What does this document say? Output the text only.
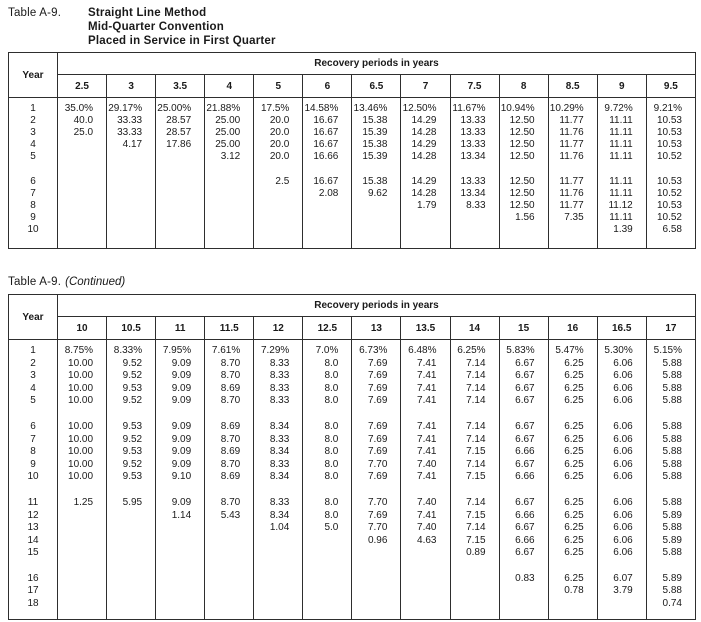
Table A-9.	Straight Line Method
Mid-Quarter Convention
Placed in Service in First Quarter
Year	Recovery periods in years												
	2.5	3	3.5	4	5	6	6.5	7	7.5	8	8.5	9	9.5

1	35.0%	29.17%	25.00%	21.88%	17.5%	14.58%	13.46%	12.50%	11.67%	10.94%	10.29%	9.72%	9.21%
2	40.0	33.33	28.57	25.00	20.0	16.67	15.38	14.29	13.33	12.50	11.77	11.11	10.53
3	25.0	33.33	28.57	25.00	20.0	16.67	15.39	14.28	13.33	12.50	11.76	11.11	10.53
4		4.17	17.86	25.00	20.0	16.67	15.38	14.29	13.33	12.50	11.77	11.11	10.53
5				3.12	20.0	16.66	15.39	14.28	13.34	12.50	11.76	11.11	10.52

6					2.5	16.67	15.38	14.29	13.33	12.50	11.77	11.11	10.53
7						2.08	9.62	14.28	13.34	12.50	11.76	11.11	10.52
8								1.79	8.33	12.50	11.77	11.12	10.53
9										1.56	7.35	11.11	10.52
10												1.39	6.58

Table A-9. (Continued)
Year	Recovery periods in years												
	10	10.5	11	11.5	12	12.5	13	13.5	14	15	16	16.5	17

1	8.75%	8.33%	7.95%	7.61%	7.29%	7.0%	6.73%	6.48%	6.25%	5.83%	5.47%	5.30%	5.15%
2	10.00	9.52	9.09	8.70	8.33	8.0	7.69	7.41	7.14	6.67	6.25	6.06	5.88
3	10.00	9.52	9.09	8.70	8.33	8.0	7.69	7.41	7.14	6.67	6.25	6.06	5.88
4	10.00	9.53	9.09	8.69	8.33	8.0	7.69	7.41	7.14	6.67	6.25	6.06	5.88
5	10.00	9.52	9.09	8.70	8.33	8.0	7.69	7.41	7.14	6.67	6.25	6.06	5.88

6	10.00	9.53	9.09	8.69	8.34	8.0	7.69	7.41	7.14	6.67	6.25	6.06	5.88
7	10.00	9.52	9.09	8.70	8.33	8.0	7.69	7.41	7.14	6.67	6.25	6.06	5.88
8	10.00	9.53	9.09	8.69	8.34	8.0	7.69	7.41	7.15	6.66	6.25	6.06	5.88
9	10.00	9.52	9.09	8.70	8.33	8.0	7.70	7.40	7.14	6.67	6.25	6.06	5.88
10	10.00	9.53	9.10	8.69	8.34	8.0	7.69	7.41	7.15	6.66	6.25	6.06	5.88

11	1.25	5.95	9.09	8.70	8.33	8.0	7.70	7.40	7.14	6.67	6.25	6.06	5.88
12			1.14	5.43	8.34	8.0	7.69	7.41	7.15	6.66	6.25	6.06	5.89
13					1.04	5.0	7.70	7.40	7.14	6.67	6.25	6.06	5.88
14							0.96	4.63	7.15	6.66	6.25	6.06	5.89
15									0.89	6.67	6.25	6.06	5.88

16										0.83	6.25	6.07	5.89
17											0.78	3.79	5.88
18													0.74
